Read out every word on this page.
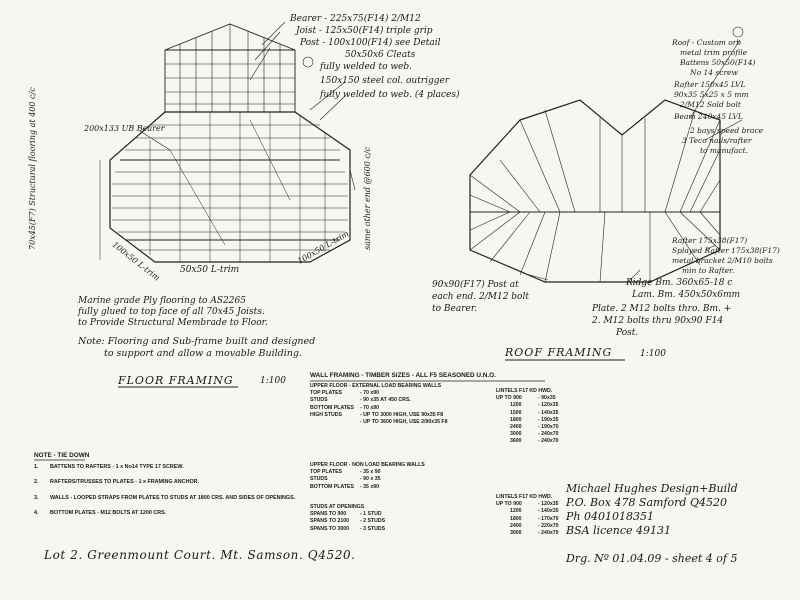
Bearer - 225x75(F14) 2/M12
Joist - 125x50(F14) triple grip
Post - 100x100(F14) see Detail
50x50x6 Cleats
fully welded to web.
150x150 steel col. outrigger
fully welded to web. (4 places)
200x133 UB Bearer
70x45(F7) Structural flooring at 400 c/c	same other end @600 c/c
100x50 L-trim	100x50 L-trim
50x50 L-trim
Marine grade Ply flooring to AS2265
fully glued to top face of all 70x45 Joists.
to Provide Structural Membrade to Floor.
Note: Flooring and Sub-frame built and designed
to support and allow a movable Building.
FLOOR FRAMING	1:100
Roof - Custom orb
metal trim profile
Battens 50x50(F14)
No 14 screw
Rafter 150x45 LVL
90x35 5x25 x 5 mm
2/M12 Sold bolt
Beam 240x45 LVL
2 bays speed brace
3 Teco nails/rafter
to manufact.
Rafter 175x38(F17)
Splayed Rafter 175x38(F17)
metal bracket 2/M10 bolts
min to Rafter.
Ridge Bm. 360x65-18 c
Lam. Bm. 450x50x6mm
Plate. 2 M12 bolts thro. Bm. +
2. M12 bolts thru 90x90 F14
Post.
90x90(F17) Post at
each end. 2/M12 bolt
to Bearer.
ROOF FRAMING	1:100
WALL FRAMING - TIMBER SIZES - ALL F5 SEASONED U.N.O.
UPPER FLOOR - EXTERNAL LOAD BEARING WALLS
TOP PLATES	- 70 x90
STUDS	- 90 x35 AT 450 CRS.
BOTTOM PLATES	- 70 x90
HIGH STUDS	- UP TO 3000 HIGH, USE 90x35 F8
- UP TO 3600 HIGH, USE 2/90x35 F8
LINTELS F17 KD HWD.
UP TO 900	- 90x35
1200	- 120x35
1500	- 140x35
1800	- 190x35
2400	- 190x70
3000	- 240x70
3600	- 240x70
UPPER FLOOR - NON LOAD BEARING WALLS
TOP PLATES	- 35 x 90
STUDS	- 90 x 35
BOTTOM PLATES	- 35 x90
STUDS AT OPENINGS
SPANS TO 900	- 1 STUD
SPANS TO 2100	- 2 STUDS
SPANS TO 3000	- 3 STUDS
LINTELS F17 KD HWD.
UP TO 900	- 120x35
1200	- 140x35
1800	- 170x70
2400	- 220x70
3000	- 240x70
NOTE - TIE DOWN
1.	BATTENS TO RAFTERS - 1 x No14 TYPE 17 SCREW.
2.	RAFTERS/TRUSSES TO PLATES - 1 x FRAMING ANCHOR.
3.	WALLS - LOOPED STRAPS FROM PLATES TO STUDS AT 1800 CRS. AND SIDES OF OPENINGS.
4.	BOTTOM PLATES - M12 BOLTS AT 1200 CRS.
Michael Hughes Design+Build
P.O. Box 478 Samford Q4520
Ph 0401018351
BSA licence 49131
Lot 2. Greenmount Court. Mt. Samson. Q4520.	Drg. Nº 01.04.09 - sheet 4 of 5
